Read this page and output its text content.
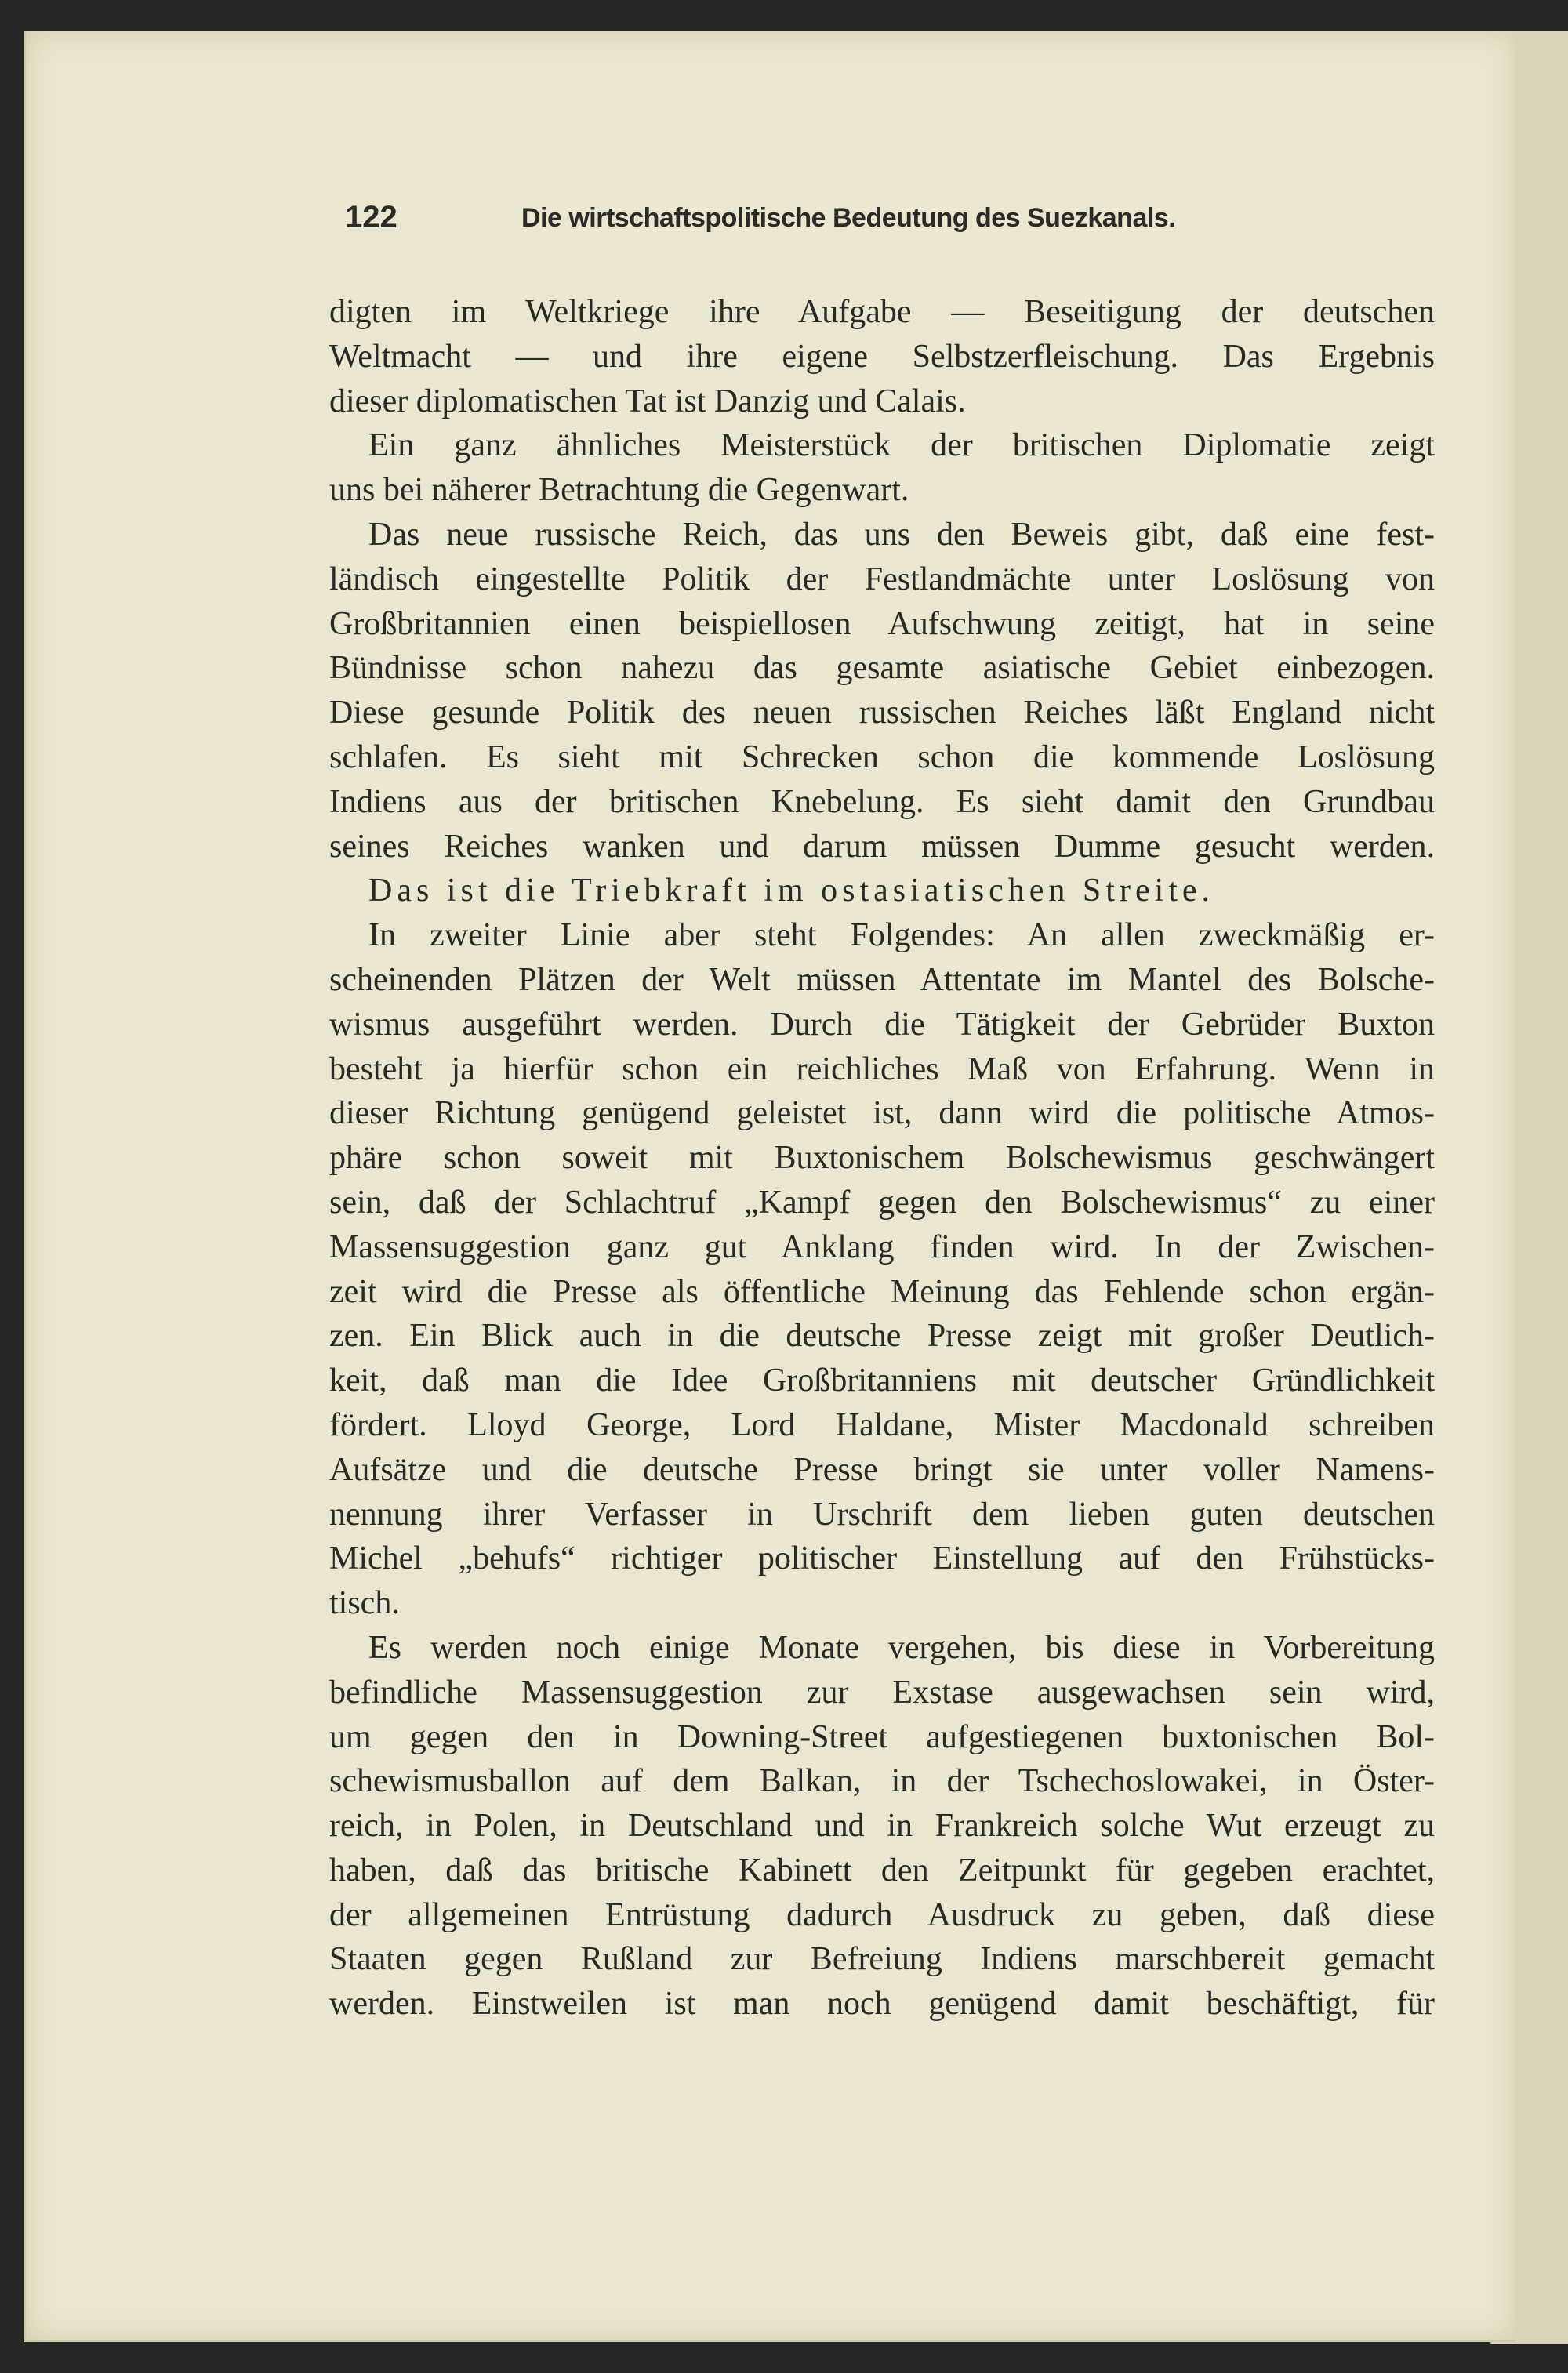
122	Die wirtschaftspolitische Bedeutung des Suezkanals.
digten im Weltkriege ihre Aufgabe — Beseitigung der deutschen
Weltmacht — und ihre eigene Selbstzerfleischung. Das Ergebnis
dieser diplomatischen Tat ist Danzig und Calais.
Ein ganz ähnliches Meisterstück der britischen Diplomatie zeigt
uns bei näherer Betrachtung die Gegenwart.
Das neue russische Reich, das uns den Beweis gibt, daß eine fest-
ländisch eingestellte Politik der Festlandmächte unter Loslösung von
Großbritannien einen beispiellosen Aufschwung zeitigt, hat in seine
Bündnisse schon nahezu das gesamte asiatische Gebiet einbezogen.
Diese gesunde Politik des neuen russischen Reiches läßt England nicht
schlafen. Es sieht mit Schrecken schon die kommende Loslösung
Indiens aus der britischen Knebelung. Es sieht damit den Grundbau
seines Reiches wanken und darum müssen Dumme gesucht werden.
Das ist die Triebkraft im ostasiatischen Streite.
In zweiter Linie aber steht Folgendes: An allen zweckmäßig er-
scheinenden Plätzen der Welt müssen Attentate im Mantel des Bolsche-
wismus ausgeführt werden. Durch die Tätigkeit der Gebrüder Buxton
besteht ja hierfür schon ein reichliches Maß von Erfahrung. Wenn in
dieser Richtung genügend geleistet ist, dann wird die politische Atmos-
phäre schon soweit mit Buxtonischem Bolschewismus geschwängert
sein, daß der Schlachtruf „Kampf gegen den Bolschewismus“ zu einer
Massensuggestion ganz gut Anklang finden wird. In der Zwischen-
zeit wird die Presse als öffentliche Meinung das Fehlende schon ergän-
zen. Ein Blick auch in die deutsche Presse zeigt mit großer Deutlich-
keit, daß man die Idee Großbritanniens mit deutscher Gründlichkeit
fördert. Lloyd George, Lord Haldane, Mister Macdonald schreiben
Aufsätze und die deutsche Presse bringt sie unter voller Namens-
nennung ihrer Verfasser in Urschrift dem lieben guten deutschen
Michel „behufs“ richtiger politischer Einstellung auf den Frühstücks-
tisch.
Es werden noch einige Monate vergehen, bis diese in Vorbereitung
befindliche Massensuggestion zur Exstase ausgewachsen sein wird,
um gegen den in Downing-Street aufgestiegenen buxtonischen Bol-
schewismusballon auf dem Balkan, in der Tschechoslowakei, in Öster-
reich, in Polen, in Deutschland und in Frankreich solche Wut erzeugt zu
haben, daß das britische Kabinett den Zeitpunkt für gegeben erachtet,
der allgemeinen Entrüstung dadurch Ausdruck zu geben, daß diese
Staaten gegen Rußland zur Befreiung Indiens marschbereit gemacht
werden. Einstweilen ist man noch genügend damit beschäftigt, für
